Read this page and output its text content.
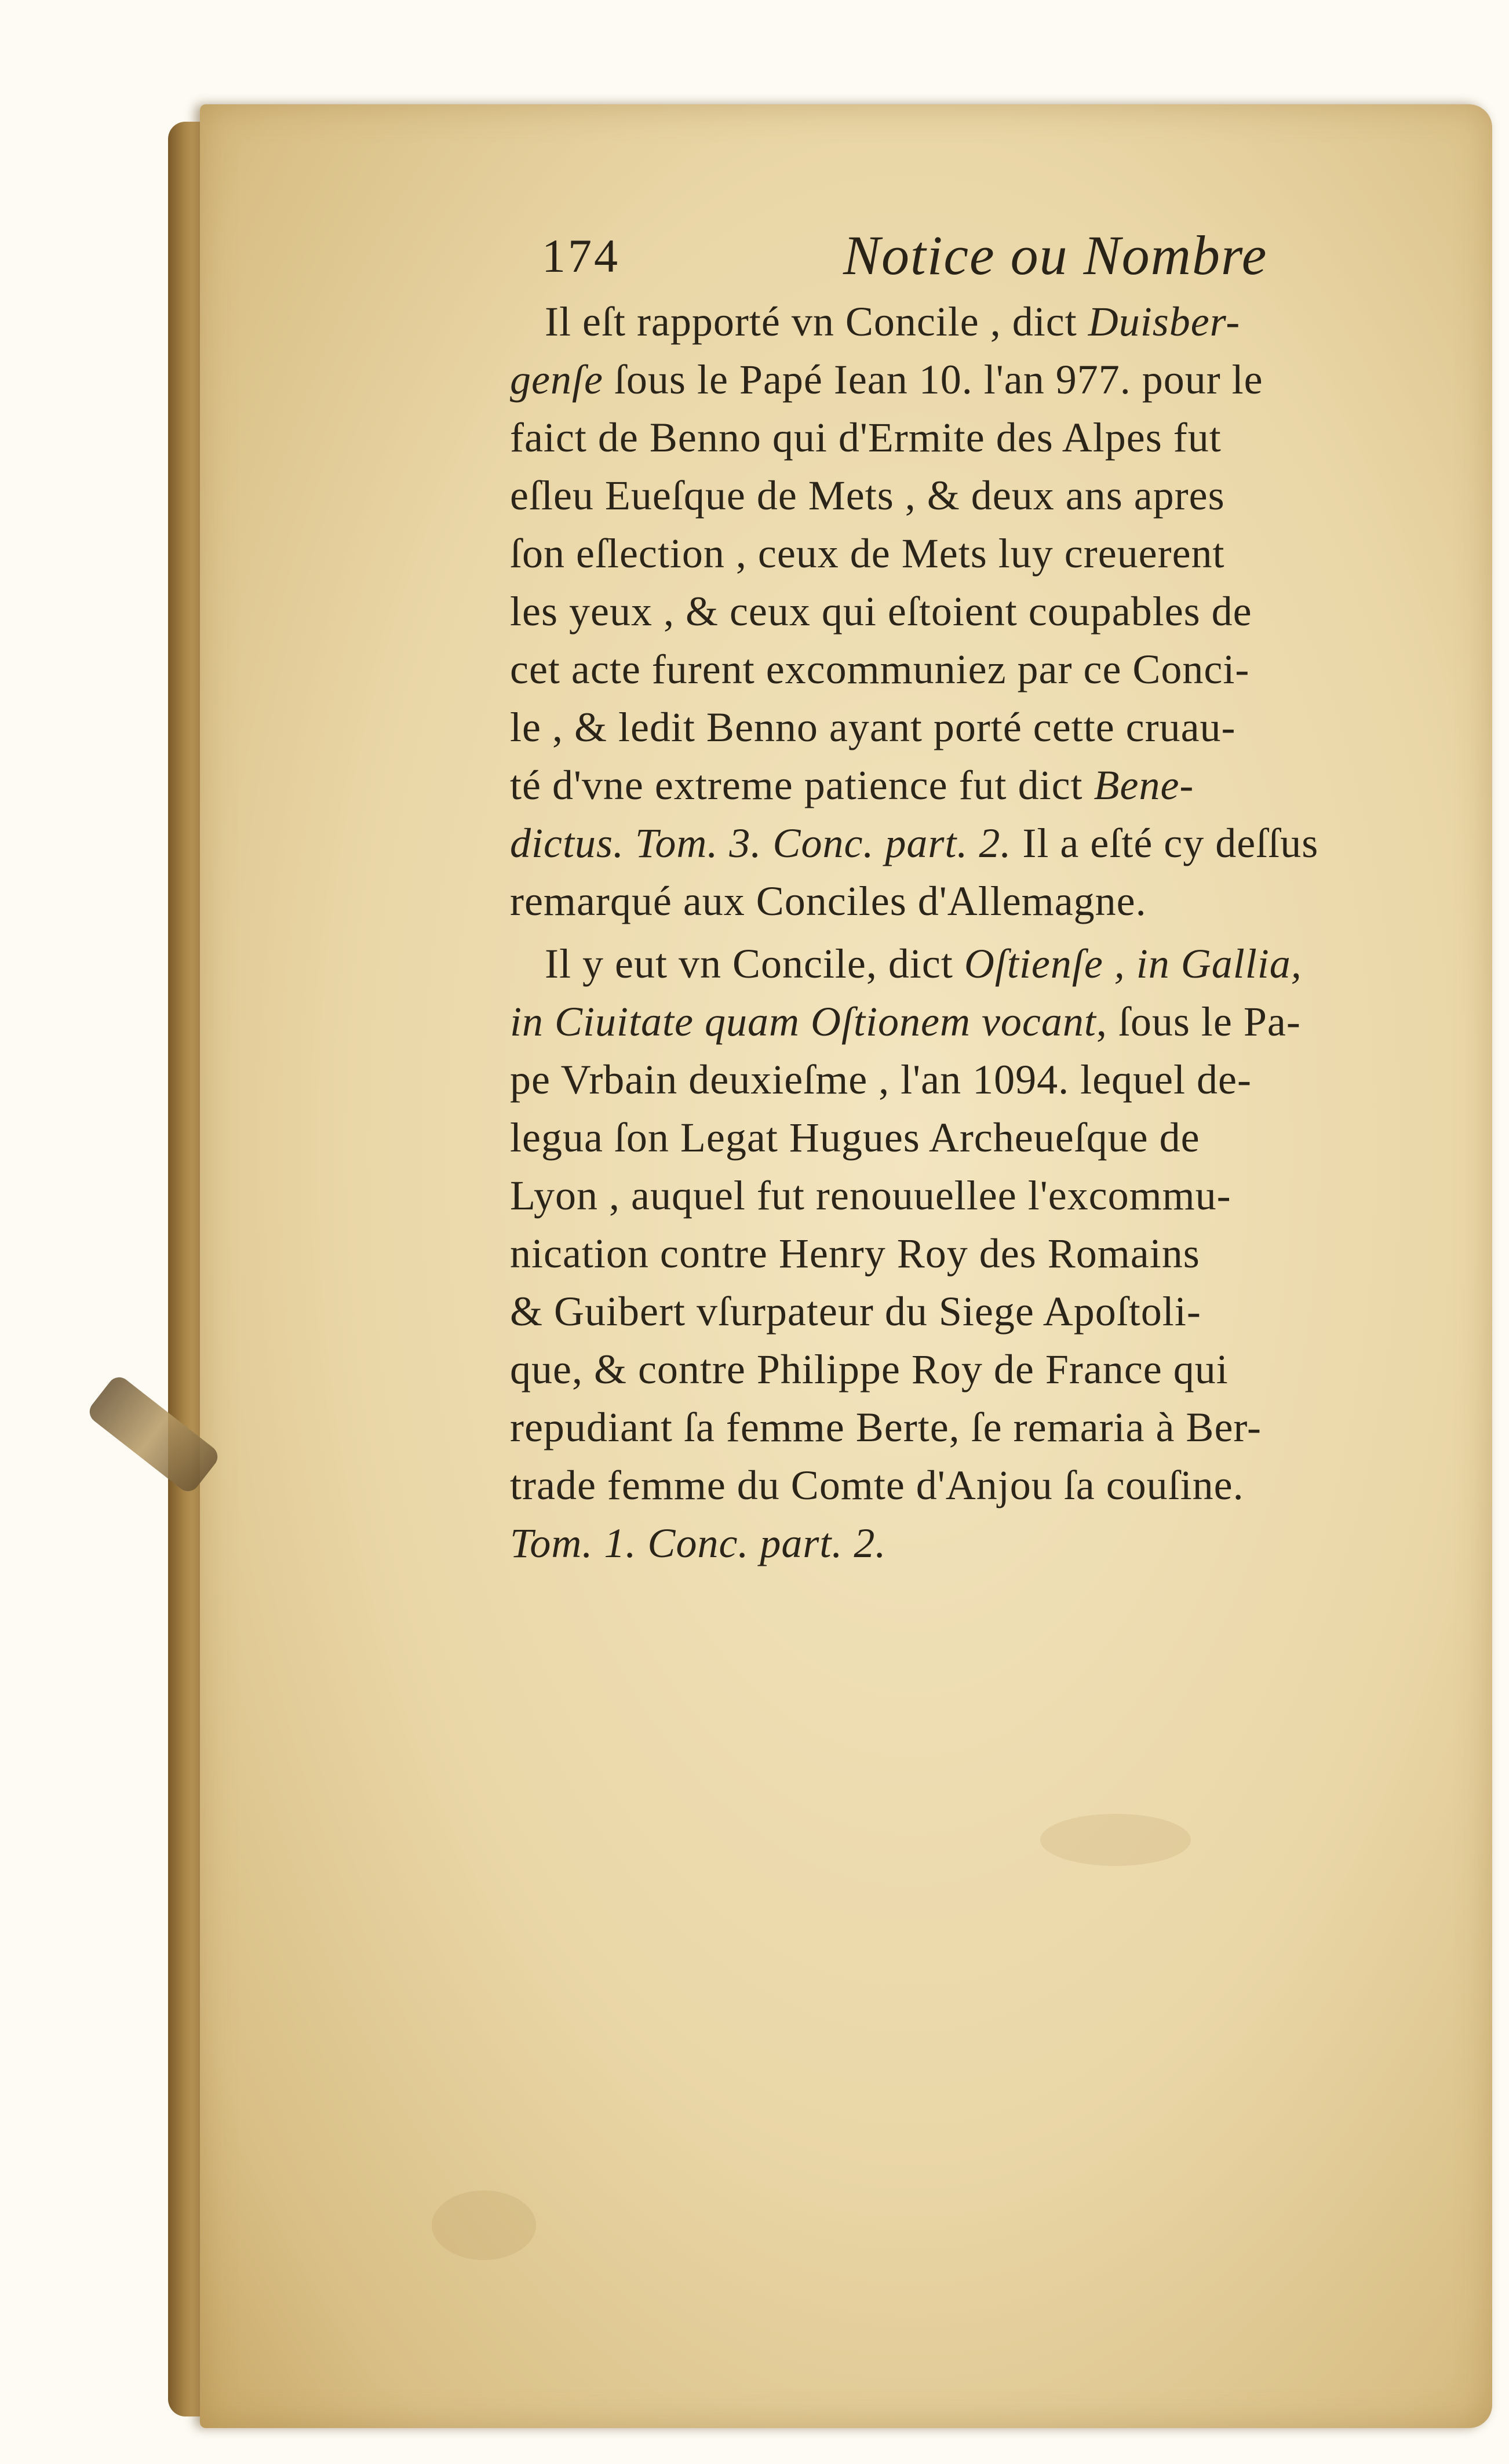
174	Notice ou Nombre
Il eſt rapporté vn Concile , dict Duisber-
genſe ſous le Papé Iean 10. l'an 977. pour le
faict de Benno qui d'Ermite des Alpes fut
eſleu Eueſque de Mets , & deux ans apres
ſon eſlection , ceux de Mets luy creuerent
les yeux , & ceux qui eſtoient coupables de
cet acte furent excommuniez par ce Conci-
le , & ledit Benno ayant porté cette cruau-
té d'vne extreme patience fut dict Bene-
dictus. Tom. 3. Conc. part. 2. Il a eſté cy deſſus
remarqué aux Conciles d'Allemagne.
Il y eut vn Concile, dict Oſtienſe , in Gallia,
in Ciuitate quam Oſtionem vocant, ſous le Pa-
pe Vrbain deuxieſme , l'an 1094. lequel de-
legua ſon Legat Hugues Archeueſque de
Lyon , auquel fut renouuellee l'excommu-
nication contre Henry Roy des Romains
& Guibert vſurpateur du Siege Apoſtoli-
que, & contre Philippe Roy de France qui
repudiant ſa femme Berte, ſe remaria à Ber-
trade femme du Comte d'Anjou ſa couſine.
Tom. 1. Conc. part. 2.
